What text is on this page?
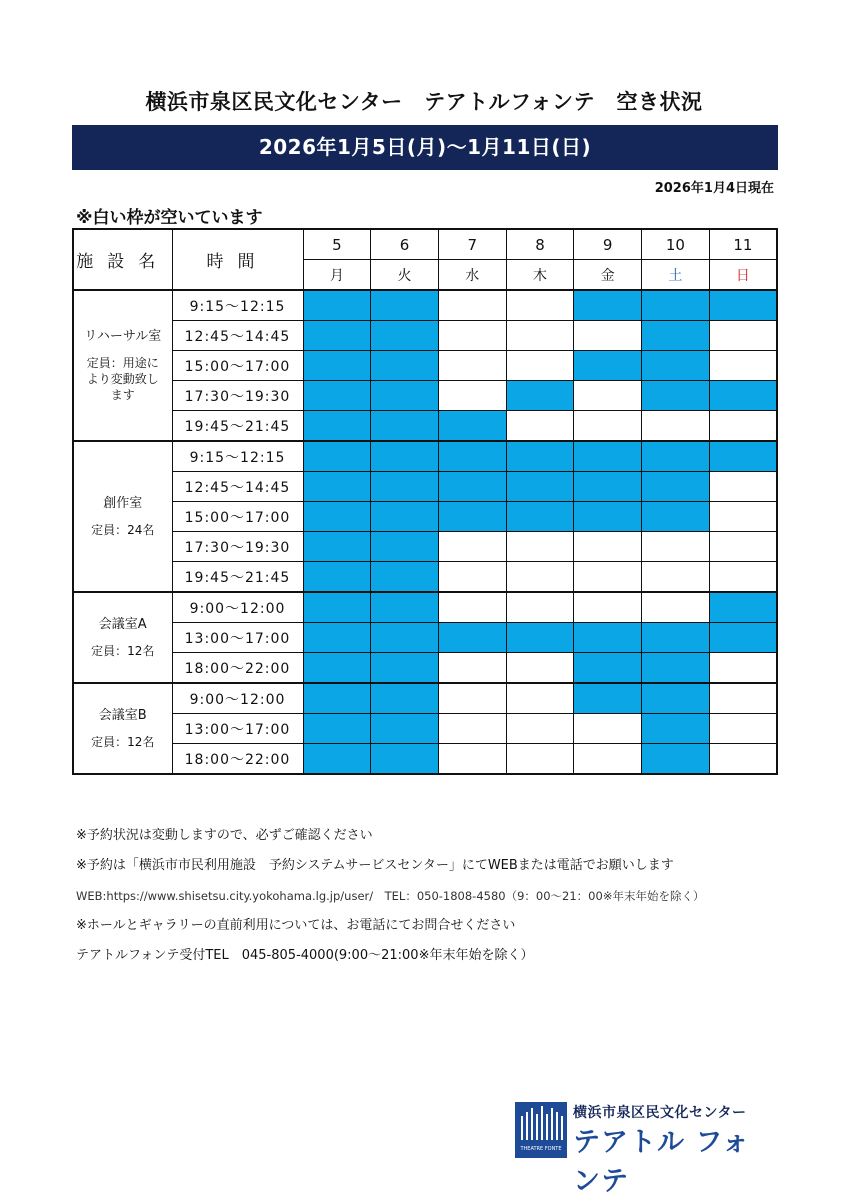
横浜市泉区民文化センター　テアトルフォンテ　空き状況
2026年1月5日(月)～1月11日(日)
2026年1月4日現在
※白い枠が空いています
施設名	時間	5	6	7	8	9	10	11
		月	火	水	木	金	土	日

リハーサル室
定員：用途により変動致します	9:15～12:15							
	12:45～14:45							
	15:00～17:00							
	17:30～19:30							
	19:45～21:45							

創作室
定員：24名	9:15～12:15							
	12:45～14:45							
	15:00～17:00							
	17:30～19:30							
	19:45～21:45							

会議室A
定員：12名	9:00～12:00							
	13:00～17:00							
	18:00～22:00							

会議室B
定員：12名	9:00～12:00							
	13:00～17:00							
	18:00～22:00							
※予約状況は変動しますので、必ずご確認ください
※予約は「横浜市市民利用施設　予約システムサービスセンター」にてWEBまたは電話でお願いします
WEB:https://www.shisetsu.city.yokohama.lg.jp/user/　TEL：050-1808-4580（9：00～21：00※年末年始を除く）
※ホールとギャラリーの直前利用については、お電話にてお問合せください
テアトルフォンテ受付TEL　045-805-4000(9:00～21:00※年末年始を除く）
THEATRE FONTE
横浜市泉区民文化センター
テアトル フォンテ
